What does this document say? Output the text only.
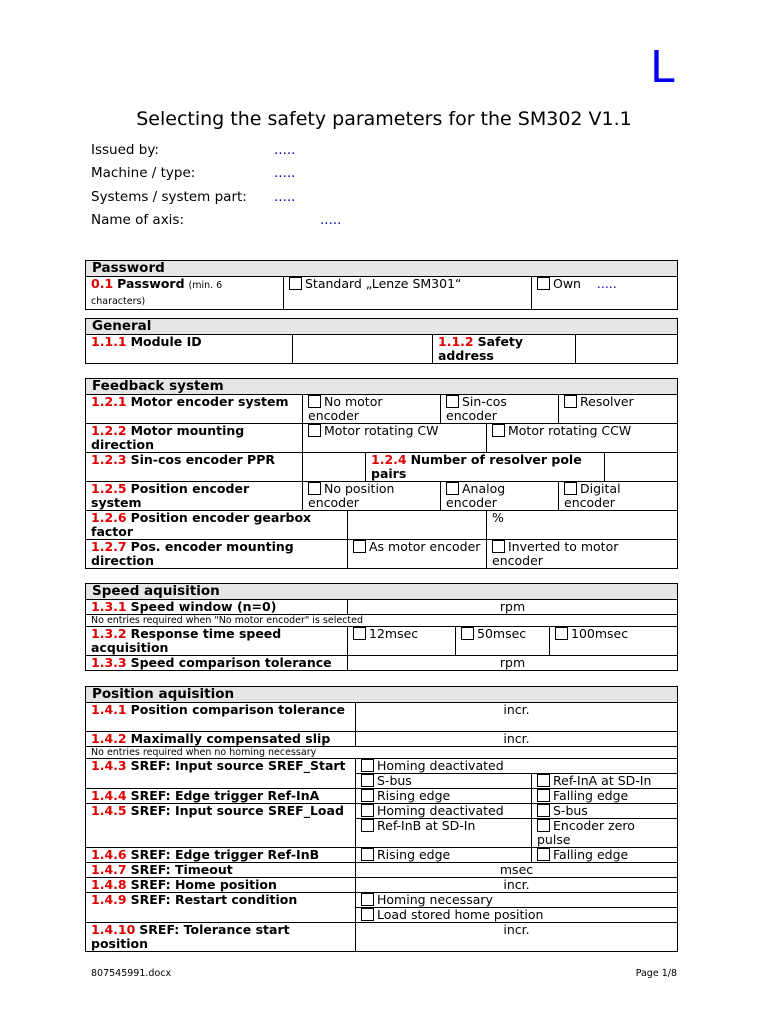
L
Selecting the safety parameters for the SM302 V1.1
Issued by:	.....
Machine / type:	.....
Systems / system part: .....
Name of axis:	.....
Password
0.1 Password (min. 6 characters)	Standard „Lenze SM301“	Own .....
General
1.1.1 Module ID		1.1.2 Safety address	
Feedback system							
1.2.1 Motor encoder system	No motor encoder			Sin-cos encoder		Resolver	
1.2.2 Motor mounting direction	Motor rotating CW				Motor rotating CCW		
1.2.3 Sin-cos encoder PPR			1.2.4 Number of resolver pole pairs				
1.2.5 Position encoder system	No position encoder			Analog encoder		Digital encoder	
1.2.6 Position encoder gearbox factor					%		
1.2.7 Pos. encoder mounting direction		As motor encoder			Inverted to motor encoder		
Speed aquisition			
1.3.1 Speed window (n=0)	rpm		
No entries required when "No motor encoder" is selected			
1.3.2 Response time speed acquisition	12msec	50msec	100msec
1.3.3 Speed comparison tolerance	rpm		
Position aquisition		
1.4.1 Position comparison tolerance	incr.	
1.4.2 Maximally compensated slip	incr.	
No entries required when no homing necessary		
1.4.3 SREF: Input source SREF_Start	Homing deactivated	
	S-bus	Ref-InA at SD-In
1.4.4 SREF: Edge trigger Ref-InA	Rising edge	Falling edge
1.4.5 SREF: Input source SREF_Load	Homing deactivated	S-bus
	Ref-InB at SD-In	Encoder zero pulse
1.4.6 SREF: Edge trigger Ref-InB	Rising edge	Falling edge
1.4.7 SREF: Timeout	msec	
1.4.8 SREF: Home position	incr.	
1.4.9 SREF: Restart condition	Homing necessary	
	Load stored home position	
1.4.10 SREF: Tolerance start position	incr.	
807545991.docx	Page 1/8
